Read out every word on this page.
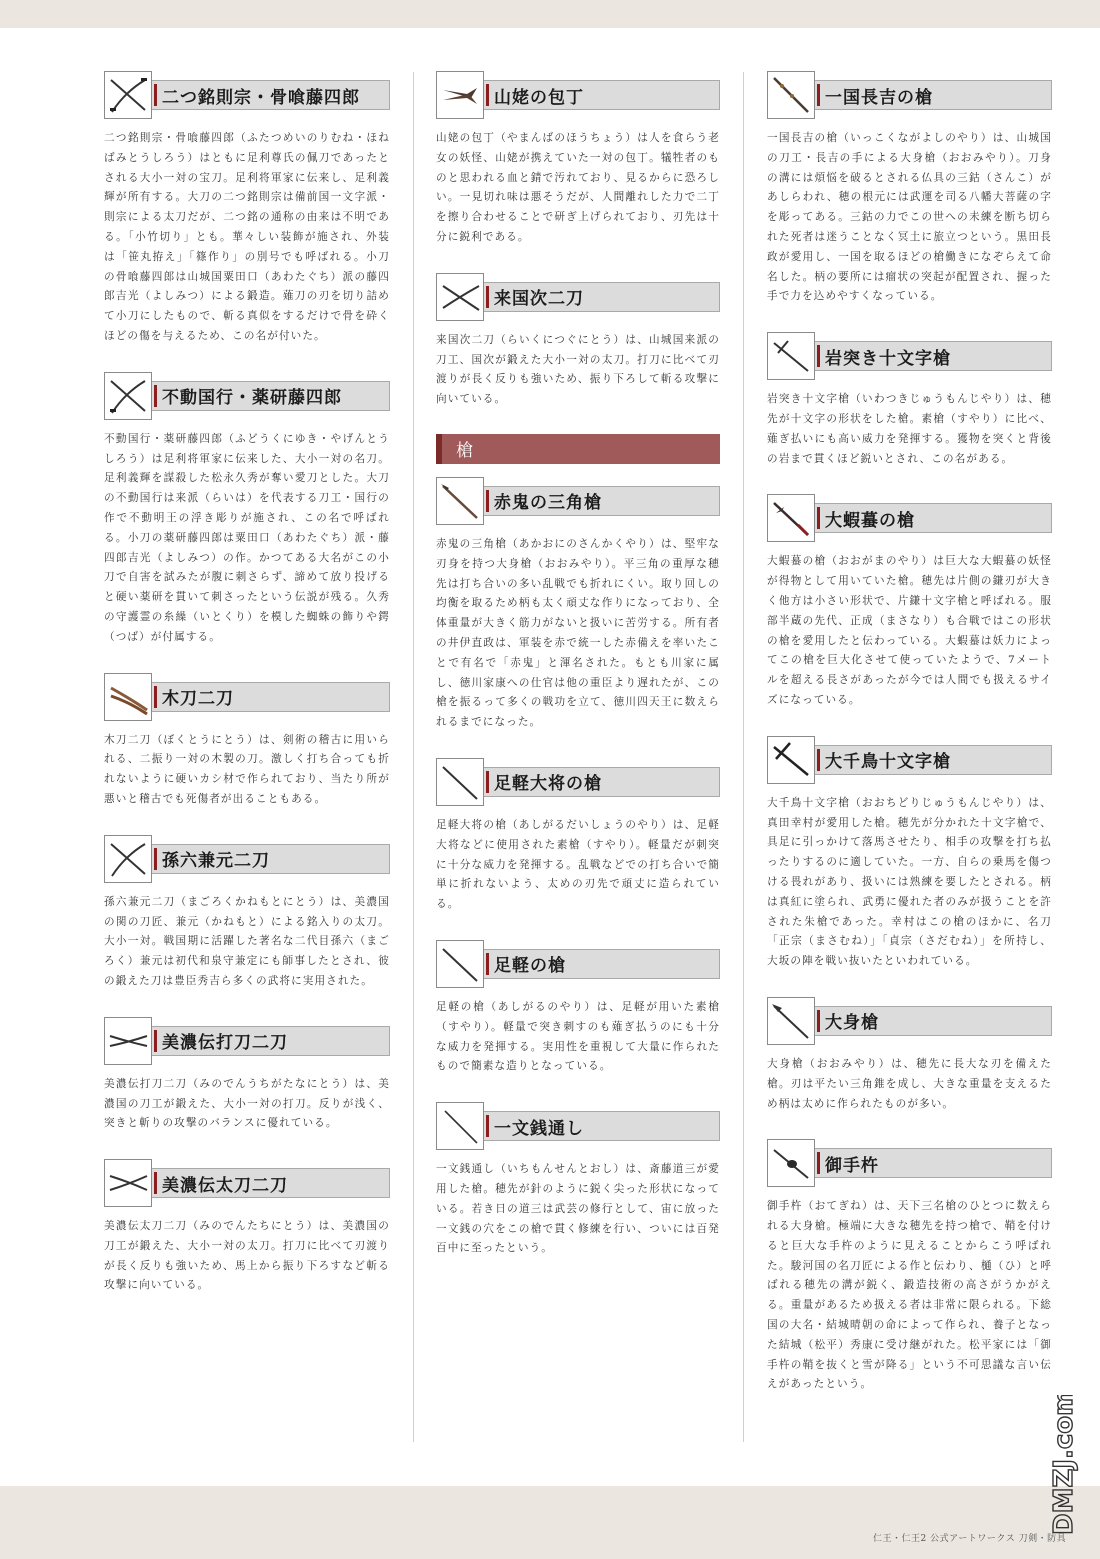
二つ銘則宗・骨喰藤四郎
二つ銘則宗・骨喰藤四郎（ふたつめいのりむね・ほねばみとうしろう）はともに足利尊氏の佩刀であったとされる大小一対の宝刀。足利将軍家に伝来し、足利義輝が所有する。大刀の二つ銘則宗は備前国一文字派・則宗による太刀だが、二つ銘の通称の由来は不明である。「小竹切り」とも。華々しい装飾が施され、外装は「笹丸拵え」「篠作り」の別号でも呼ばれる。小刀の骨喰藤四郎は山城国粟田口（あわたぐち）派の藤四郎吉光（よしみつ）による鍛造。薙刀の刃を切り詰めて小刀にしたもので、斬る真似をするだけで骨を砕くほどの傷を与えるため、この名が付いた。
不動国行・薬研藤四郎
不動国行・薬研藤四郎（ふどうくにゆき・やげんとうしろう）は足利将軍家に伝来した、大小一対の名刀。足利義輝を謀殺した松永久秀が奪い愛刀とした。大刀の不動国行は来派（らいは）を代表する刀工・国行の作で不動明王の浮き彫りが施され、この名で呼ばれる。小刀の薬研藤四郎は粟田口（あわたぐち）派・藤四郎吉光（よしみつ）の作。かつてある大名がこの小刀で自害を試みたが腹に刺さらず、諦めて放り投げると硬い薬研を貫いて刺さったという伝説が残る。久秀の守護霊の糸繰（いとくり）を模した蜘蛛の飾りや鍔（つば）が付属する。
木刀二刀
木刀二刀（ぼくとうにとう）は、剣術の稽古に用いられる、二振り一対の木製の刀。激しく打ち合っても折れないように硬いカシ材で作られており、当たり所が悪いと稽古でも死傷者が出ることもある。
孫六兼元二刀
孫六兼元二刀（まごろくかねもとにとう）は、美濃国の関の刀匠、兼元（かねもと）による銘入りの太刀。大小一対。戦国期に活躍した著名な二代目孫六（まごろく）兼元は初代和泉守兼定にも師事したとされ、彼の鍛えた刀は豊臣秀吉ら多くの武将に実用された。
美濃伝打刀二刀
美濃伝打刀二刀（みのでんうちがたなにとう）は、美濃国の刀工が鍛えた、大小一対の打刀。反りが浅く、突きと斬りの攻撃のバランスに優れている。
美濃伝太刀二刀
美濃伝太刀二刀（みのでんたちにとう）は、美濃国の刀工が鍛えた、大小一対の太刀。打刀に比べて刃渡りが長く反りも強いため、馬上から振り下ろすなど斬る攻撃に向いている。
山姥の包丁
山姥の包丁（やまんばのほうちょう）は人を食らう老女の妖怪、山姥が携えていた一対の包丁。犠牲者のものと思われる血と錆で汚れており、見るからに恐ろしい。一見切れ味は悪そうだが、人間離れした力で二丁を擦り合わせることで研ぎ上げられており、刃先は十分に鋭利である。
来国次二刀
来国次二刀（らいくにつぐにとう）は、山城国来派の刀工、国次が鍛えた大小一対の太刀。打刀に比べて刃渡りが長く反りも強いため、振り下ろして斬る攻撃に向いている。
槍
赤鬼の三角槍
赤鬼の三角槍（あかおにのさんかくやり）は、堅牢な刃身を持つ大身槍（おおみやり）。平三角の重厚な穂先は打ち合いの多い乱戦でも折れにくい。取り回しの均衡を取るため柄も太く頑丈な作りになっており、全体重量が大きく筋力がないと扱いに苦労する。所有者の井伊直政は、軍装を赤で統一した赤備えを率いたことで有名で「赤鬼」と渾名された。もとも川家に属し、徳川家康への仕官は他の重臣より遅れたが、この槍を振るって多くの戦功を立て、徳川四天王に数えられるまでになった。
足軽大将の槍
足軽大将の槍（あしがるだいしょうのやり）は、足軽大将などに使用された素槍（すやり）。軽量だが刺突に十分な威力を発揮する。乱戦などでの打ち合いで簡単に折れないよう、太めの刃先で頑丈に造られている。
足軽の槍
足軽の槍（あしがるのやり）は、足軽が用いた素槍（すやり）。軽量で突き刺すのも薙ぎ払うのにも十分な威力を発揮する。実用性を重視して大量に作られたもので簡素な造りとなっている。
一文銭通し
一文銭通し（いちもんせんとおし）は、斎藤道三が愛用した槍。穂先が針のように鋭く尖った形状になっている。若き日の道三は武芸の修行として、宙に放った一文銭の穴をこの槍で貫く修練を行い、ついには百発百中に至ったという。
一国長吉の槍
一国長吉の槍（いっこくながよしのやり）は、山城国の刀工・長吉の手による大身槍（おおみやり）。刀身の溝には煩悩を破るとされる仏具の三鈷（さんこ）があしらわれ、穂の根元には武運を司る八幡大菩薩の字を彫ってある。三鈷の力でこの世への未練を断ち切られた死者は迷うことなく冥土に旅立つという。黒田長政が愛用し、一国を取るほどの槍働きになぞらえて命名した。柄の要所には瘤状の突起が配置され、握った手で力を込めやすくなっている。
岩突き十文字槍
岩突き十文字槍（いわつきじゅうもんじやり）は、穂先が十文字の形状をした槍。素槍（すやり）に比べ、薙ぎ払いにも高い威力を発揮する。獲物を突くと背後の岩まで貫くほど鋭いとされ、この名がある。
大蝦蟇の槍
大蝦蟇の槍（おおがまのやり）は巨大な大蝦蟇の妖怪が得物として用いていた槍。穂先は片側の鎌刃が大きく他方は小さい形状で、片鎌十文字槍と呼ばれる。服部半蔵の先代、正成（まさなり）も合戦ではこの形状の槍を愛用したと伝わっている。大蝦蟇は妖力によってこの槍を巨大化させて使っていたようで、7メートルを超える長さがあったが今では人間でも扱えるサイズになっている。
大千鳥十文字槍
大千鳥十文字槍（おおちどりじゅうもんじやり）は、真田幸村が愛用した槍。穂先が分かれた十文字槍で、具足に引っかけて落馬させたり、相手の攻撃を打ち払ったりするのに適していた。一方、自らの乗馬を傷つける畏れがあり、扱いには熟練を要したとされる。柄は真紅に塗られ、武勇に優れた者のみが扱うことを許された朱槍であった。幸村はこの槍のほかに、名刀「正宗（まさむね）」「貞宗（さだむね）」を所持し、大坂の陣を戦い抜いたといわれている。
大身槍
大身槍（おおみやり）は、穂先に長大な刃を備えた槍。刃は平たい三角錐を成し、大きな重量を支えるため柄は太めに作られたものが多い。
御手杵
御手杵（おてぎね）は、天下三名槍のひとつに数えられる大身槍。極端に大きな穂先を持つ槍で、鞘を付けると巨大な手杵のように見えることからこう呼ばれた。駿河国の名刀匠による作と伝わり、樋（ひ）と呼ばれる穂先の溝が鋭く、鍛造技術の高さがうかがえる。重量があるため扱える者は非常に限られる。下総国の大名・結城晴朝の命によって作られ、養子となった結城（松平）秀康に受け継がれた。松平家には「御手杵の鞘を抜くと雪が降る」という不可思議な言い伝えがあったという。
仁王・仁王2 公式アートワークス 刀剣・防具
DMZJ.com
